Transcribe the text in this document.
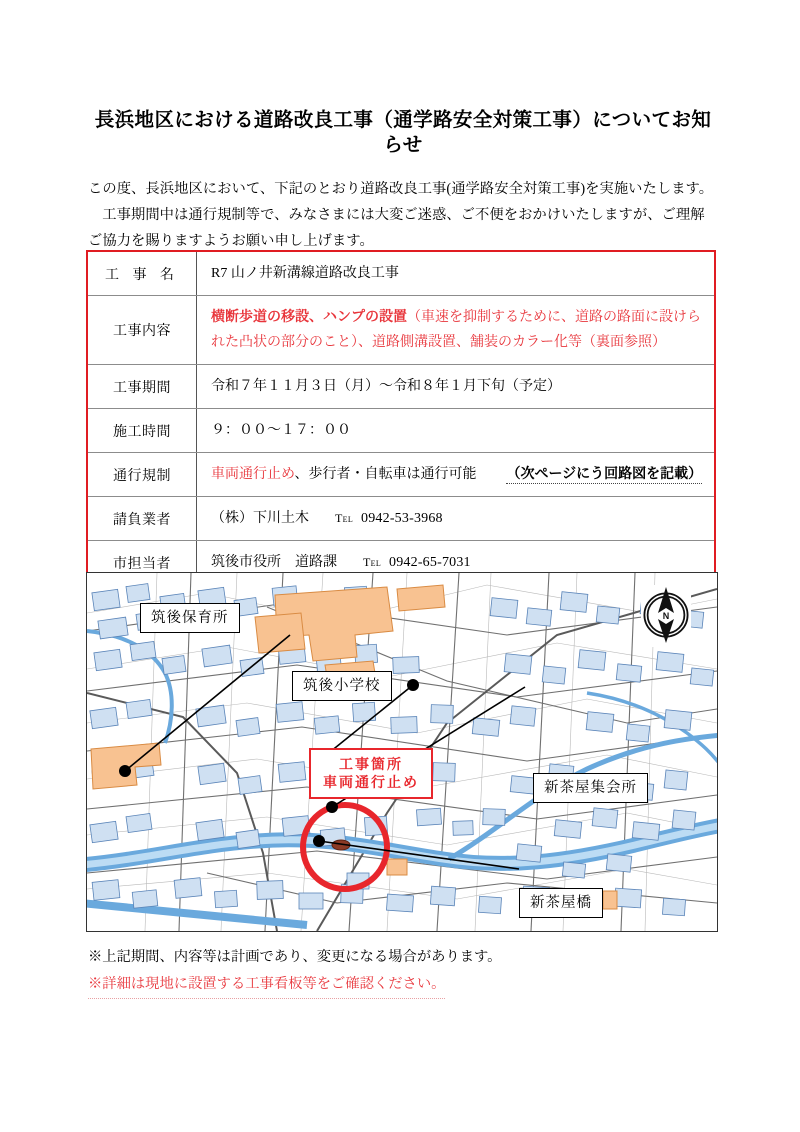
長浜地区における道路改良工事（通学路安全対策工事）についてお知らせ

この度、長浜地区において、下記のとおり道路改良工事(通学路安全対策工事)を実施いたします。

工事期間中は通行規制等で、みなさまには大変ご迷惑、ご不便をおかけいたしますが、ご理解ご協力を賜りますようお願い申し上げます。

工 事 名	R7 山ノ井新溝線道路改良工事
工事内容	横断歩道の移設、ハンプの設置（車速を抑制するために、道路の路面に設けられた凸状の部分のこと）、道路側溝設置、舗装のカラー化等（裏面参照）
工事期間	令和７年１１月３日（月）～令和８年１月下旬（予定）
施工時間	９：００～１７：００
通行規制	車両通行止め、歩行者・自転車は通行可能 （次ページにう回路図を記載）
請負業者	（株）下川土木 Tel 0942-53-3968
市担当者	筑後市役所　道路課 Tel 0942-65-7031
N
筑後保育所
筑後小学校
新茶屋集会所
新茶屋橋
工事箇所
車両通行止め

※上記期間、内容等は計画であり、変更になる場合があります。

※詳細は現地に設置する工事看板等をご確認ください。
